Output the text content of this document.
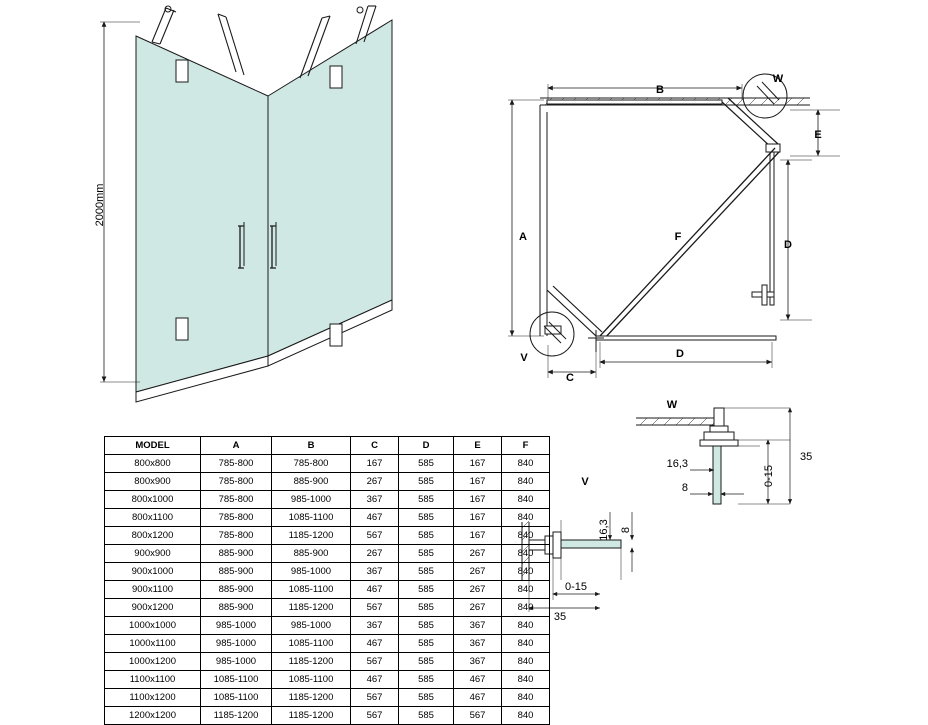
2000mm
A
B
C
D
D
E
F
V
W
W
V
16,3
8
0-15
35
16,3 8
0-15
35
MODEL	A	B	C	D	E	F
800x800	785-800	785-800	167	585	167	840
800x900	785-800	885-900	267	585	167	840
800x1000	785-800	985-1000	367	585	167	840
800x1100	785-800	1085-1100	467	585	167	840
800x1200	785-800	1185-1200	567	585	167	840
900x900	885-900	885-900	267	585	267	840
900x1000	885-900	985-1000	367	585	267	840
900x1100	885-900	1085-1100	467	585	267	840
900x1200	885-900	1185-1200	567	585	267	840
1000x1000	985-1000	985-1000	367	585	367	840
1000x1100	985-1000	1085-1100	467	585	367	840
1000x1200	985-1000	1185-1200	567	585	367	840
1100x1100	1085-1100	1085-1100	467	585	467	840
1100x1200	1085-1100	1185-1200	567	585	467	840
1200x1200	1185-1200	1185-1200	567	585	567	840
